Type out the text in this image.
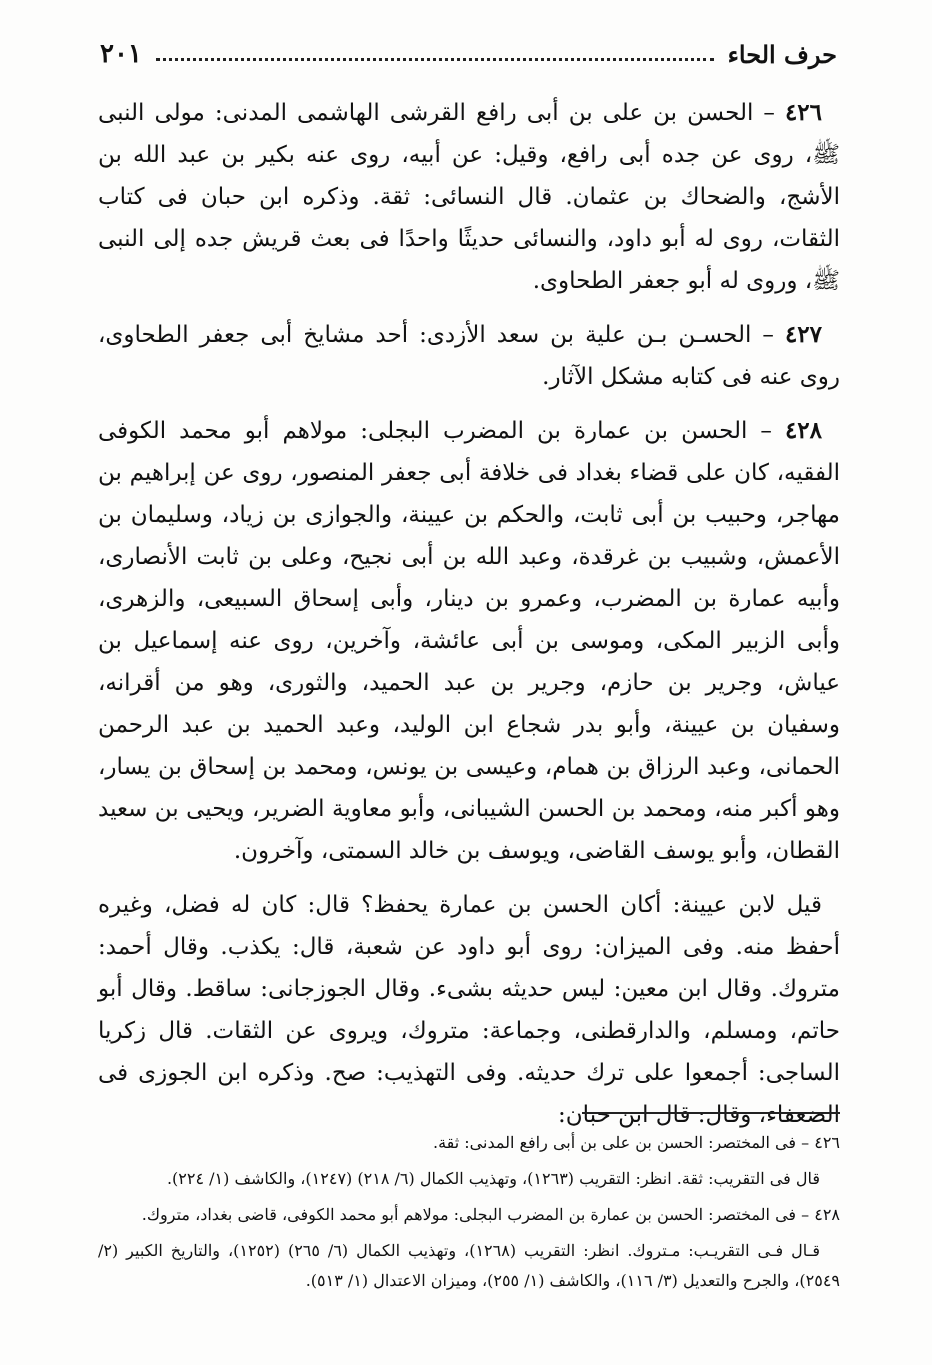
حرف الحاء
٢٠١

٤٢٦ – الحسن بن على بن أبى رافع القرشى الهاشمى المدنى: مولى النبى ﷺ، روى عن جده أبى رافع، وقيل: عن أبيه، روى عنه بكير بن عبد الله بن الأشج، والضحاك بن عثمان. قال النسائى: ثقة. وذكره ابن حبان فى كتاب الثقات، روى له أبو داود، والنسائى حديثًا واحدًا فى بعث قريش جده إلى النبى ﷺ، وروى له أبو جعفر الطحاوى.

٤٢٧ – الحسـن بـن علية بن سعد الأزدى: أحد مشايخ أبى جعفر الطحاوى، روى عنه فى كتابه مشكل الآثار.

٤٢٨ – الحسن بن عمارة بن المضرب البجلى: مولاهم أبو محمد الكوفى الفقيه، كان على قضاء بغداد فى خلافة أبى جعفر المنصور، روى عن إبراهيم بن مهاجر، وحبيب بن أبى ثابت، والحكم بن عيينة، والجوازى بن زياد، وسليمان بن الأعمش، وشبيب بن غرقدة، وعبد الله بن أبى نجيح، وعلى بن ثابت الأنصارى، وأبيه عمارة بن المضرب، وعمرو بن دينار، وأبى إسحاق السبيعى، والزهرى، وأبى الزبير المكى، وموسى بن أبى عائشة، وآخرين، روى عنه إسماعيل بن عياش، وجرير بن حازم، وجرير بن عبد الحميد، والثورى، وهو من أقرانه، وسفيان بن عيينة، وأبو بدر شجاع ابن الوليد، وعبد الحميد بن عبد الرحمن الحمانى، وعبد الرزاق بن همام، وعيسى بن يونس، ومحمد بن إسحاق بن يسار، وهو أكبر منه، ومحمد بن الحسن الشيبانى، وأبو معاوية الضرير، ويحيى بن سعيد القطان، وأبو يوسف القاضى، ويوسف بن خالد السمتى، وآخرون.

قيل لابن عيينة: أكان الحسن بن عمارة يحفظ؟ قال: كان له فضل، وغيره أحفظ منه. وفى الميزان: روى أبو داود عن شعبة، قال: يكذب. وقال أحمد: متروك. وقال ابن معين: ليس حديثه بشىء. وقال الجوزجانى: ساقط. وقال أبو حاتم، ومسلم، والدارقطنى، وجماعة: متروك، ويروى عن الثقات. قال زكريا الساجى: أجمعوا على ترك حديثه. وفى التهذيب: صح. وذكره ابن الجوزى فى الضعفاء، وقال: قال ابن حبان:

٤٢٦ – فى المختصر: الحسن بن على بن أبى رافع المدنى: ثقة.

قال فى التقريب: ثقة. انظر: التقريب (١٢٦٣)، وتهذيب الكمال (٦/ ٢١٨) (١٢٤٧)، والكاشف (١/ ٢٢٤).

٤٢٨ – فى المختصر: الحسن بن عمارة بن المضرب البجلى: مولاهم أبو محمد الكوفى، قاضى بغداد، متروك.

قـال فـى التقريـب: مـتروك. انظر: التقريب (١٢٦٨)، وتهذيب الكمال (٦/ ٢٦٥) (١٢٥٢)، والتاريخ الكبير (٢/ ٢٥٤٩)، والجرح والتعديل (٣/ ١١٦)، والكاشف (١/ ٢٥٥)، وميزان الاعتدال (١/ ٥١٣).
